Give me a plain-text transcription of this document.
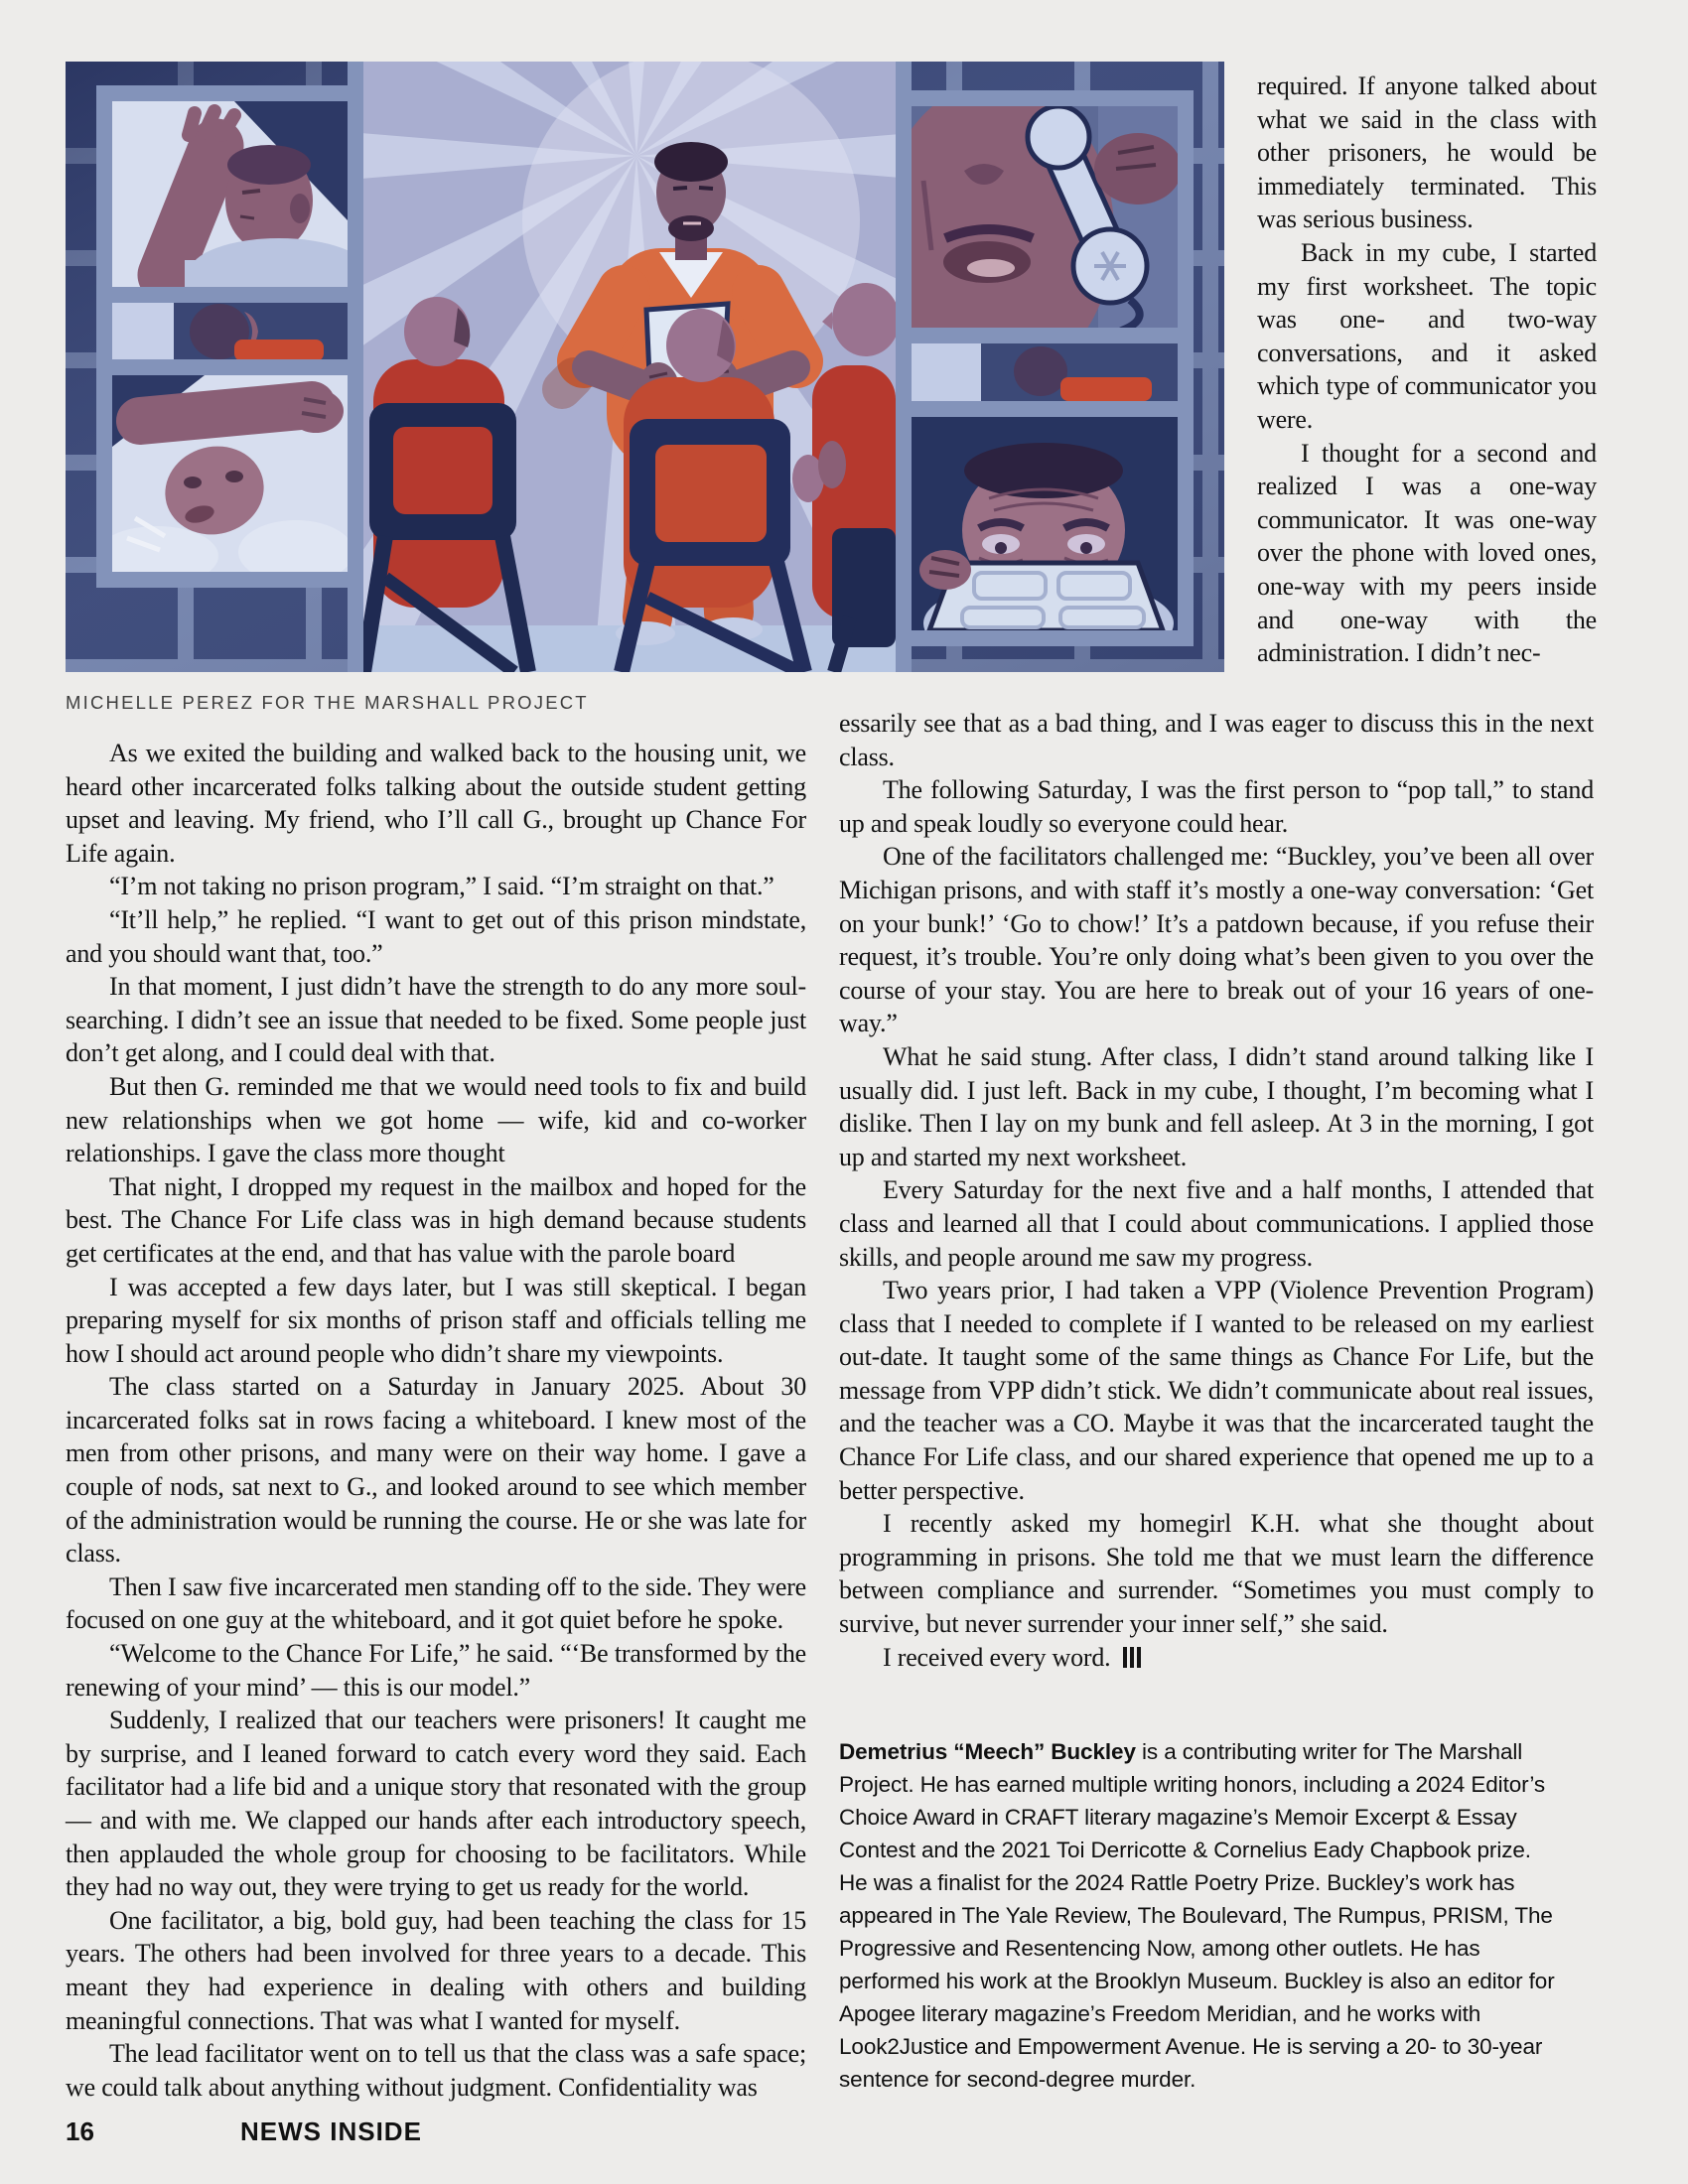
MICHELLE PEREZ FOR THE MARSHALL PROJECT

required. If anyone talked about what we said in the class with other prisoners, he would be immediately terminated. This was serious business.

Back in my cube, I started my first worksheet. The topic was one- and two-way conversations, and it asked which type of communicator you were.

I thought for a second and realized I was a one-way communicator. It was one-way over the phone with loved ones, one-way with my peers inside and one-way with the administration. I didn’t nec-

As we exited the building and walked back to the housing unit, we heard other incarcerated folks talking about the outside student getting upset and leaving. My friend, who I’ll call G., brought up Chance For Life again.

“I’m not taking no prison program,” I said. “I’m straight on that.”

“It’ll help,” he replied. “I want to get out of this prison mindstate, and you should want that, too.”

In that moment, I just didn’t have the strength to do any more soul-searching. I didn’t see an issue that needed to be fixed. Some people just don’t get along, and I could deal with that.

But then G. reminded me that we would need tools to fix and build new relationships when we got home — wife, kid and co-worker relationships. I gave the class more thought

That night, I dropped my request in the mailbox and hoped for the best. The Chance For Life class was in high demand because students get certificates at the end, and that has value with the parole board

I was accepted a few days later, but I was still skeptical. I began preparing myself for six months of prison staff and officials telling me how I should act around people who didn’t share my viewpoints.

The class started on a Saturday in January 2025. About 30 incarcerated folks sat in rows facing a whiteboard. I knew most of the men from other prisons, and many were on their way home. I gave a couple of nods, sat next to G., and looked around to see which member of the administration would be running the course. He or she was late for class.

Then I saw five incarcerated men standing off to the side. They were focused on one guy at the whiteboard, and it got quiet before he spoke.

“Welcome to the Chance For Life,” he said. “‘Be transformed by the renewing of your mind’ — this is our model.”

Suddenly, I realized that our teachers were prisoners! It caught me by surprise, and I leaned forward to catch every word they said. Each facilitator had a life bid and a unique story that resonated with the group — and with me. We clapped our hands after each introductory speech, then applauded the whole group for choosing to be facilitators. While they had no way out, they were trying to get us ready for the world.

One facilitator, a big, bold guy, had been teaching the class for 15 years. The others had been involved for three years to a decade. This meant they had experience in dealing with others and building meaningful connections. That was what I wanted for myself.

The lead facilitator went on to tell us that the class was a safe space; we could talk about anything without judgment. Confidentiality was

essarily see that as a bad thing, and I was eager to discuss this in the next class.

The following Saturday, I was the first person to “pop tall,” to stand up and speak loudly so everyone could hear.

One of the facilitators challenged me: “Buckley, you’ve been all over Michigan prisons, and with staff it’s mostly a one-way conversation: ‘Get on your bunk!’ ‘Go to chow!’ It’s a patdown because, if you refuse their request, it’s trouble. You’re only doing what’s been given to you over the course of your stay. You are here to break out of your 16 years of one-way.”

What he said stung. After class, I didn’t stand around talking like I usually did. I just left. Back in my cube, I thought, I’m becoming what I dislike. Then I lay on my bunk and fell asleep. At 3 in the morning, I got up and started my next worksheet.

Every Saturday for the next five and a half months, I attended that class and learned all that I could about communications. I applied those skills, and people around me saw my progress.

Two years prior, I had taken a VPP (Violence Prevention Program) class that I needed to complete if I wanted to be released on my earliest out-date. It taught some of the same things as Chance For Life, but the message from VPP didn’t stick. We didn’t communicate about real issues, and the teacher was a CO. Maybe it was that the incarcerated taught the Chance For Life class, and our shared experience that opened me up to a better perspective.

I recently asked my homegirl K.H. what she thought about programming in prisons. She told me that we must learn the difference between compliance and surrender. “Sometimes you must comply to survive, but never surrender your inner self,” she said.

I received every word.

Demetrius “Meech” Buckley is a contributing writer for The Marshall Project. He has earned multiple writing honors, including a 2024 Editor’s Choice Award in CRAFT literary magazine’s Memoir Excerpt & Essay Contest and the 2021 Toi Derricotte & Cornelius Eady Chapbook prize. He was a finalist for the 2024 Rattle Poetry Prize. Buckley’s work has appeared in The Yale Review, The Boulevard, The Rumpus, PRISM, The Progressive and Resentencing Now, among other outlets. He has performed his work at the Brooklyn Museum. Buckley is also an editor for Apogee literary magazine’s Freedom Meridian, and he works with Look2Justice and Empowerment Avenue. He is serving a 20- to 30-year sentence for second-degree murder.
16	NEWS INSIDE
